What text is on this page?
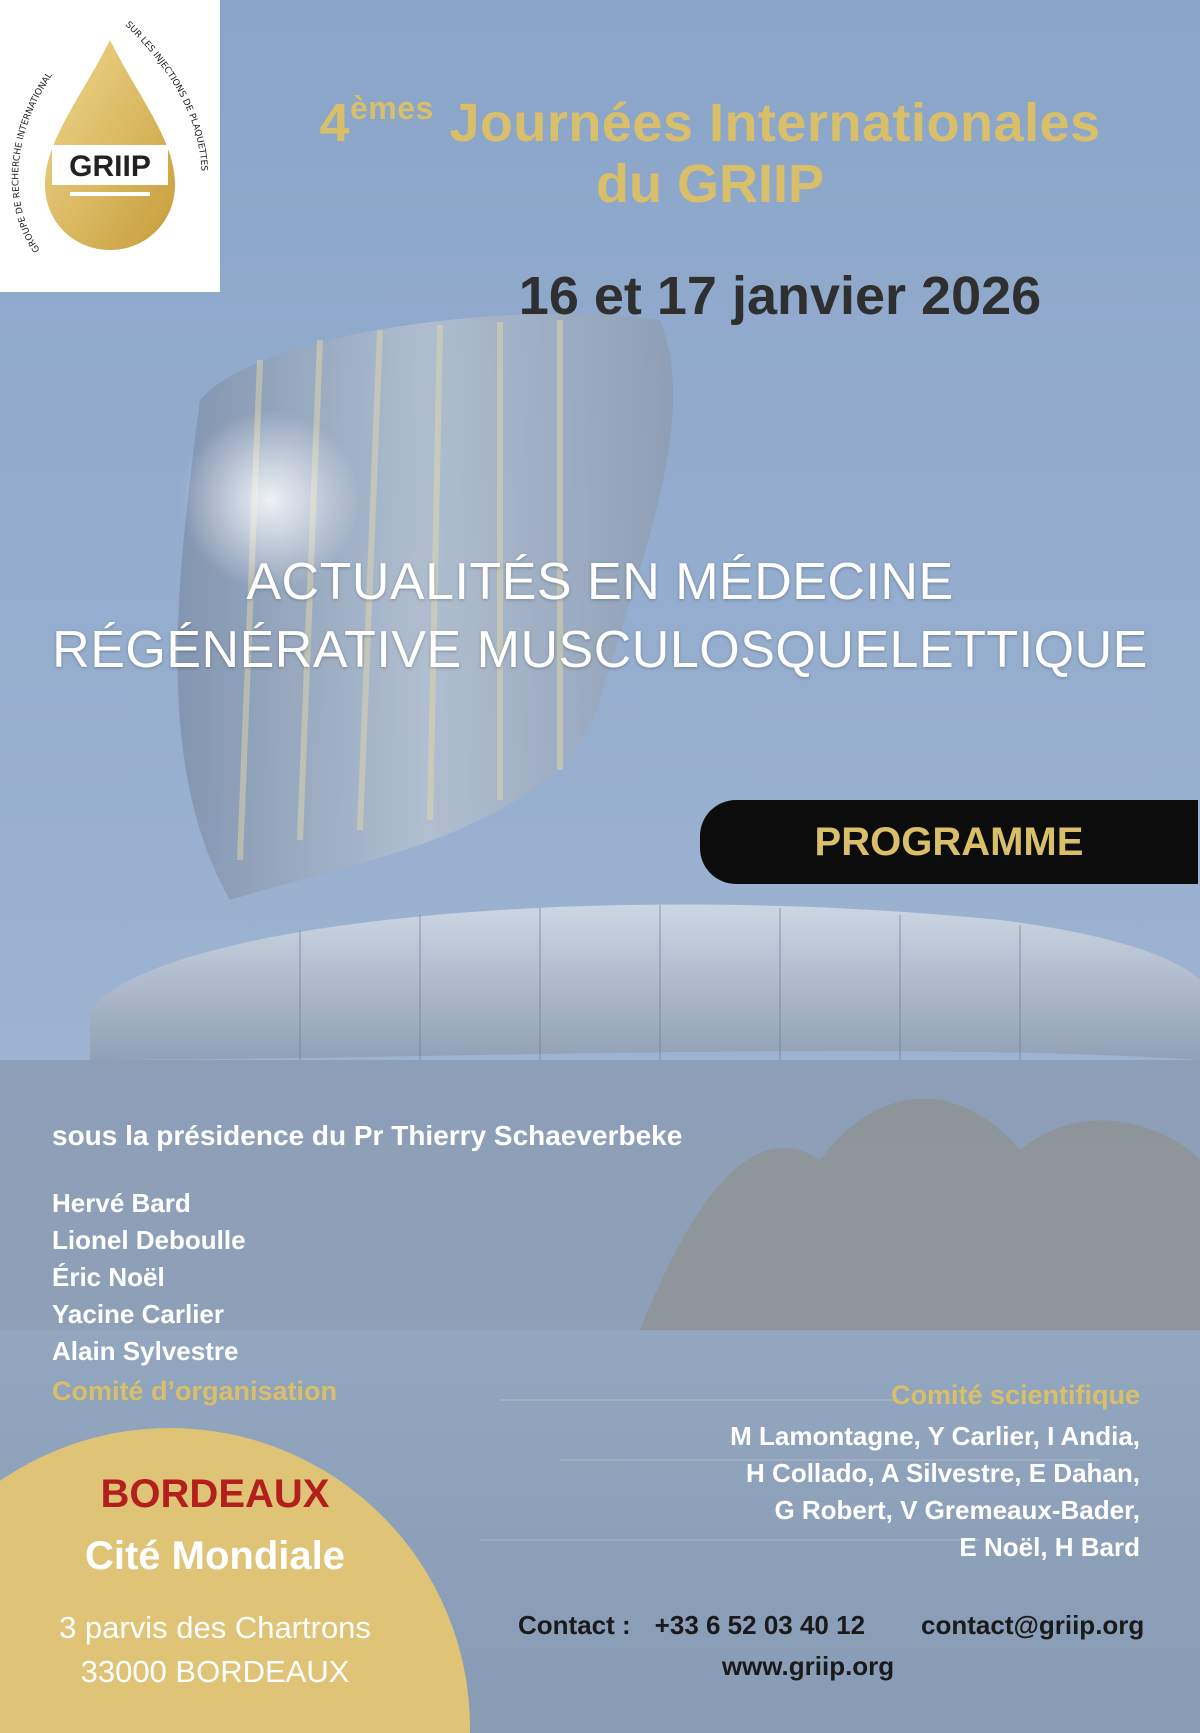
GRIIP
GROUPE DE RECHERCHE INTERNATIONAL
SUR LES INJECTIONS DE PLAQUETTES
4èmes Journées Internationales
du GRIIP
16 et 17 janvier 2026
ACTUALITÉS EN MÉDECINE
RÉGÉNÉRATIVE MUSCULOSQUELETTIQUE
PROGRAMME
sous la présidence du Pr Thierry Schaeverbeke
Hervé Bard
Lionel Deboulle
Éric Noël
Yacine Carlier
Alain Sylvestre
Comité d’organisation	Comité scientifique
M Lamontagne, Y Carlier, I Andia,
H Collado, A Silvestre, E Dahan,
G Robert, V Gremeaux-Bader,
E Noël, H Bard
BORDEAUX
Cité Mondiale
3 parvis des Chartrons
33000 BORDEAUX
Contact : +33 6 52 03 40 12 contact@griip.org
www.griip.org
